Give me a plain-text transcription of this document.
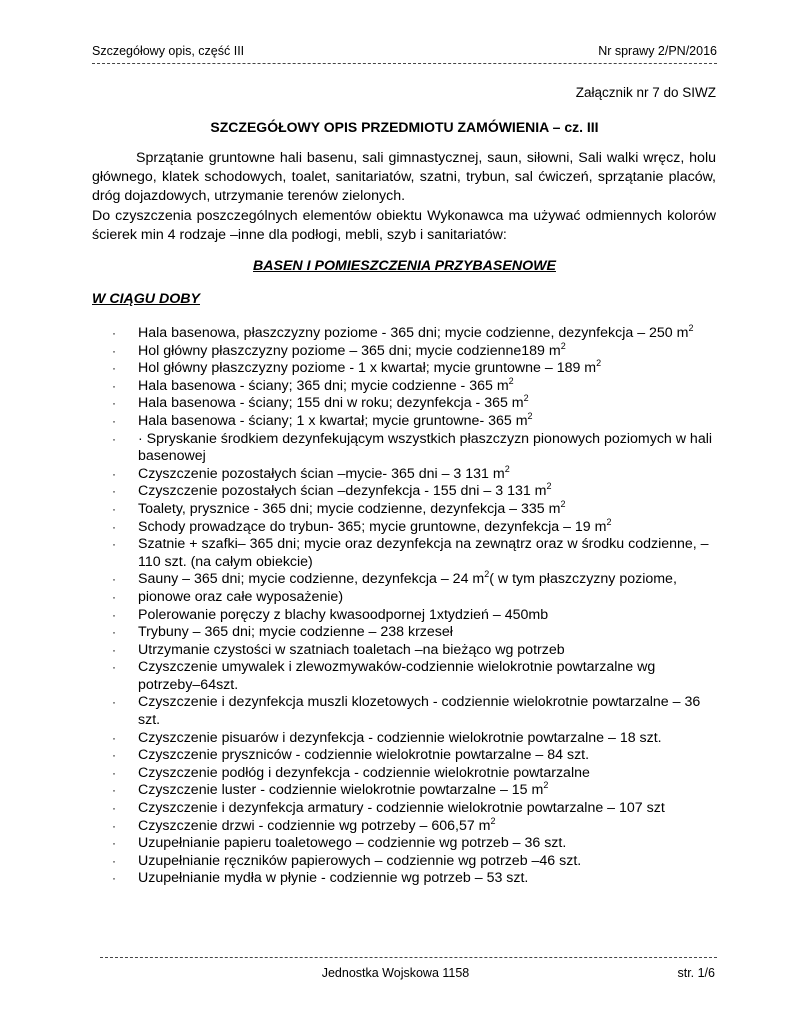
Szczegółowy opis, część III	Nr sprawy 2/PN/2016
Załącznik nr 7 do SIWZ
SZCZEGÓŁOWY OPIS PRZEDMIOTU ZAMÓWIENIA – cz. III

Sprzątanie gruntowne hali basenu, sali gimnastycznej, saun, siłowni, Sali walki wręcz, holu głównego, klatek schodowych, toalet, sanitariatów, szatni, trybun, sal ćwiczeń, sprzątanie placów, dróg dojazdowych, utrzymanie terenów zielonych.

Do czyszczenia poszczególnych elementów obiektu Wykonawca ma używać odmiennych kolorów ścierek min 4 rodzaje –inne dla podłogi, mebli, szyb i sanitariatów:

BASEN I POMIESZCZENIA PRZYBASENOWE
W CIĄGU DOBY
· Hala basenowa, płaszczyzny poziome - 365 dni; mycie codzienne, dezynfekcja – 250 $m^2$
· Hol główny płaszczyzny poziome – 365 dni; mycie codzienne189 $m^2$
· Hol główny płaszczyzny poziome - 1 x kwartał; mycie gruntowne – 189 $m^2$
· Hala basenowa - ściany; 365 dni; mycie codzienne - 365 $m^2$
· Hala basenowa - ściany; 155 dni w roku; dezynfekcja - 365 $m^2$
· Hala basenowa - ściany; 1 x kwartał; mycie gruntowne- 365 $m^2$
· · Spryskanie środkiem dezynfekującym wszystkich płaszczyzn pionowych poziomych w hali basenowej
· Czyszczenie pozostałych ścian –mycie- 365 dni – 3 131 $m^2$
· Czyszczenie pozostałych ścian –dezynfekcja - 155 dni – 3 131 $m^2$
· Toalety, prysznice - 365 dni; mycie codzienne, dezynfekcja – 335 $m^2$
· Schody prowadzące do trybun- 365; mycie gruntowne, dezynfekcja – 19 $m^2$
· Szatnie + szafki– 365 dni; mycie oraz dezynfekcja na zewnątrz oraz w środku codzienne, – 110 szt. (na całym obiekcie)
· Sauny – 365 dni; mycie codzienne, dezynfekcja – 24 $m^2$( w tym płaszczyzny poziome,
· pionowe oraz całe wyposażenie)
· Polerowanie poręczy z blachy kwasoodpornej 1xtydzień – 450mb
· Trybuny – 365 dni; mycie codzienne – 238 krzeseł
· Utrzymanie czystości w szatniach toaletach –na bieżąco wg potrzeb
· Czyszczenie umywalek i zlewozmywaków-codziennie wielokrotnie powtarzalne wg potrzeby–64szt.
· Czyszczenie i dezynfekcja muszli klozetowych - codziennie wielokrotnie powtarzalne – 36 szt.
· Czyszczenie pisuarów i dezynfekcja - codziennie wielokrotnie powtarzalne – 18 szt.
· Czyszczenie pryszniców - codziennie wielokrotnie powtarzalne – 84 szt.
· Czyszczenie podłóg i dezynfekcja - codziennie wielokrotnie powtarzalne
· Czyszczenie luster - codziennie wielokrotnie powtarzalne – 15 $m^2$
· Czyszczenie i dezynfekcja armatury - codziennie wielokrotnie powtarzalne – 107 szt
· Czyszczenie drzwi - codziennie wg potrzeby – 606,57 $m^2$
· Uzupełnianie papieru toaletowego – codziennie wg potrzeb – 36 szt.
· Uzupełnianie ręczników papierowych – codziennie wg potrzeb –46 szt.
· Uzupełnianie mydła w płynie - codziennie wg potrzeb – 53 szt.
Jednostka Wojskowa 1158	str. 1/6
